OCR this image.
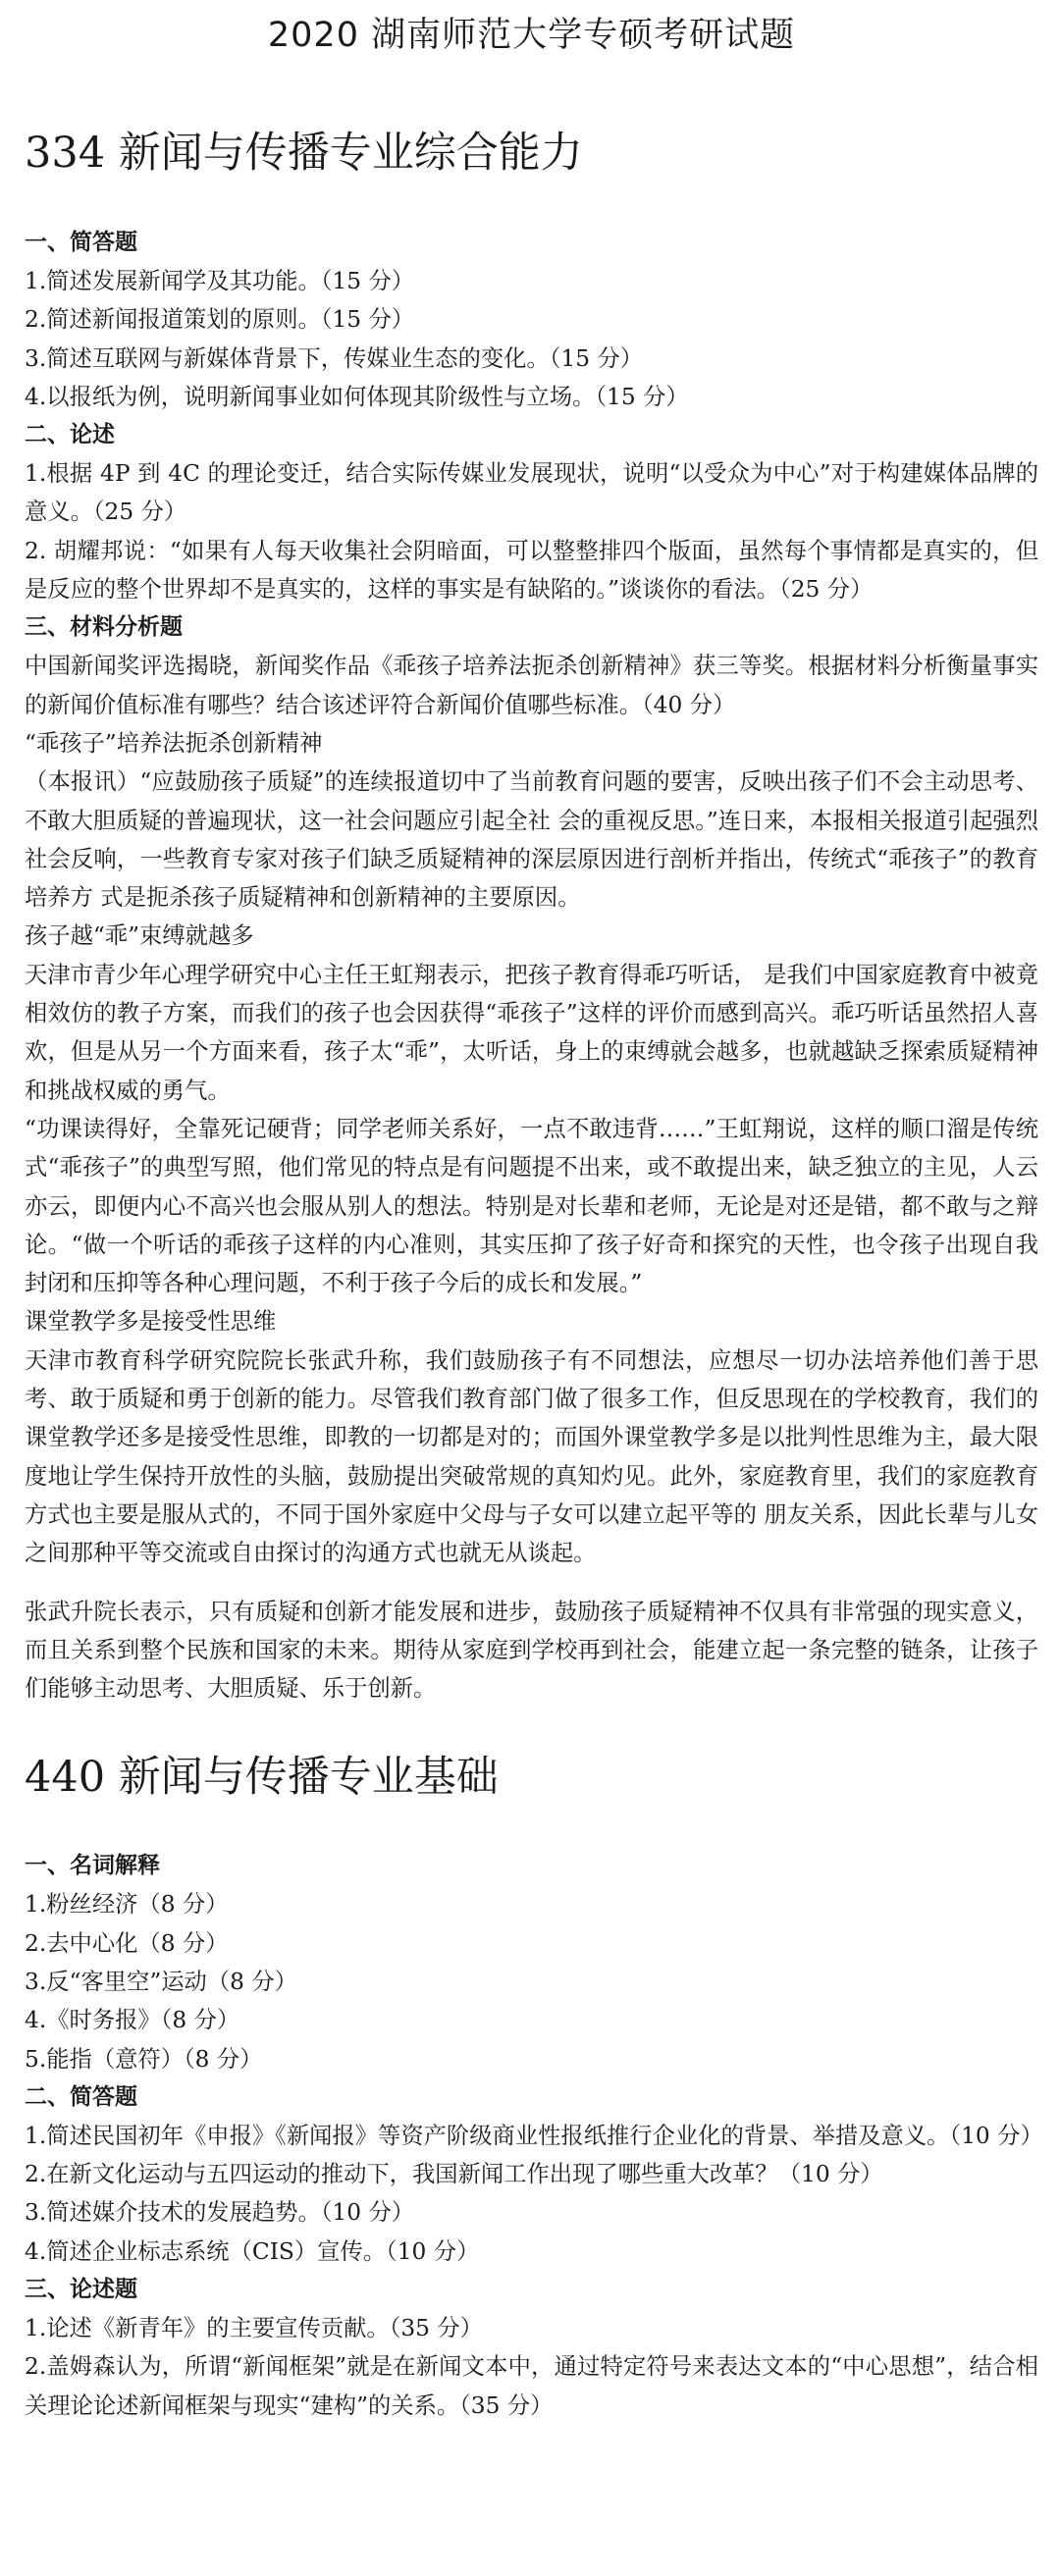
2020 湖南师范大学专硕考研试题
334 新闻与传播专业综合能力
一、简答题
1.简述发展新闻学及其功能。（15 分）
2.简述新闻报道策划的原则。（15 分）
3.简述互联网与新媒体背景下，传媒业生态的变化。（15 分）
4.以报纸为例，说明新闻事业如何体现其阶级性与立场。（15 分）
二、论述

1.根据 4P 到 4C 的理论变迁，结合实际传媒业发展现状，说明“以受众为中心”对于构建媒体品牌的意义。（25 分）

2. 胡耀邦说：“如果有人每天收集社会阴暗面，可以整整排四个版面，虽然每个事情都是真实的，但是反应的整个世界却不是真实的，这样的事实是有缺陷的。”谈谈你的看法。（25 分）

三、材料分析题

中国新闻奖评选揭晓，新闻奖作品《乖孩子培养法扼杀创新精神》获三等奖。根据材料分析衡量事实的新闻价值标准有哪些？结合该述评符合新闻价值哪些标准。（40 分）

“乖孩子”培养法扼杀创新精神

（本报讯）“应鼓励孩子质疑”的连续报道切中了当前教育问题的要害，反映出孩子们不会主动思考、不敢大胆质疑的普遍现状，这一社会问题应引起全社 会的重视反思。”连日来，本报相关报道引起强烈社会反响，一些教育专家对孩子们缺乏质疑精神的深层原因进行剖析并指出，传统式“乖孩子”的教育培养方 式是扼杀孩子质疑精神和创新精神的主要原因。

孩子越“乖”束缚就越多

天津市青少年心理学研究中心主任王虹翔表示，把孩子教育得乖巧听话， 是我们中国家庭教育中被竟相效仿的教子方案，而我们的孩子也会因获得“乖孩子”这样的评价而感到高兴。乖巧听话虽然招人喜欢，但是从另一个方面来看，孩子太“乖”，太听话，身上的束缚就会越多，也就越缺乏探索质疑精神和挑战权威的勇气。

“功课读得好，全靠死记硬背；同学老师关系好，一点不敢违背……”王虹翔说，这样的顺口溜是传统式“乖孩子”的典型写照，他们常见的特点是有问题提不出来，或不敢提出来，缺乏独立的主见，人云亦云，即便内心不高兴也会服从别人的想法。特别是对长辈和老师，无论是对还是错，都不敢与之辩论。“做一个听话的乖孩子这样的内心准则，其实压抑了孩子好奇和探究的天性，也令孩子出现自我封闭和压抑等各种心理问题，不利于孩子今后的成长和发展。”

课堂教学多是接受性思维

天津市教育科学研究院院长张武升称，我们鼓励孩子有不同想法，应想尽一切办法培养他们善于思考、敢于质疑和勇于创新的能力。尽管我们教育部门做了很多工作，但反思现在的学校教育，我们的课堂教学还多是接受性思维，即教的一切都是对的；而国外课堂教学多是以批判性思维为主，最大限度地让学生保持开放性的头脑，鼓励提出突破常规的真知灼见。此外，家庭教育里，我们的家庭教育方式也主要是服从式的，不同于国外家庭中父母与子女可以建立起平等的 朋友关系，因此长辈与儿女之间那种平等交流或自由探讨的沟通方式也就无从谈起。

张武升院长表示，只有质疑和创新才能发展和进步，鼓励孩子质疑精神不仅具有非常强的现实意义，而且关系到整个民族和国家的未来。期待从家庭到学校再到社会，能建立起一条完整的链条，让孩子们能够主动思考、大胆质疑、乐于创新。

440 新闻与传播专业基础
一、名词解释
1.粉丝经济（8 分）
2.去中心化（8 分）
3.反“客里空”运动（8 分）
4.《时务报》（8 分）
5.能指（意符）（8 分）
二、简答题

1.简述民国初年《申报》《新闻报》等资产阶级商业性报纸推行企业化的背景、举措及意义。（10 分）

2.在新文化运动与五四运动的推动下，我国新闻工作出现了哪些重大改革？（10 分）
3.简述媒介技术的发展趋势。（10 分）
4.简述企业标志系统（CIS）宣传。（10 分）
三、论述题
1.论述《新青年》的主要宣传贡献。（35 分）

2.盖姆森认为，所谓“新闻框架”就是在新闻文本中，通过特定符号来表达文本的“中心思想”，结合相关理论论述新闻框架与现实“建构”的关系。（35 分）
